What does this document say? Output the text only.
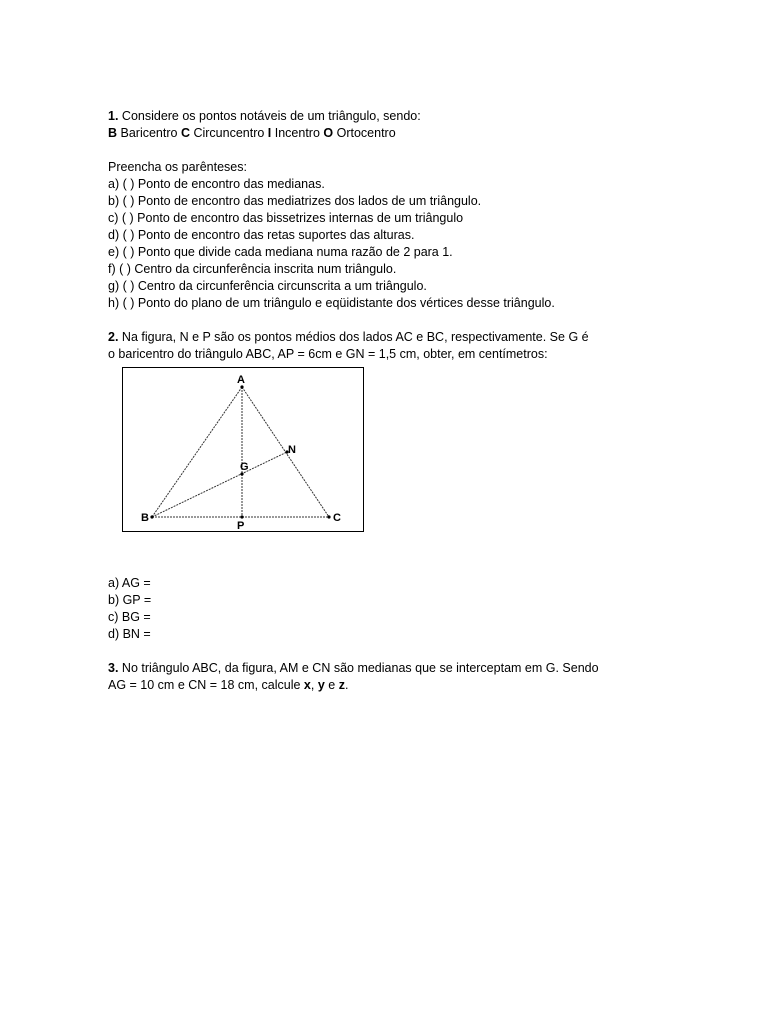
1. Considere os pontos notáveis de um triângulo, sendo:
B Baricentro C Circuncentro I Incentro O Ortocentro
Preencha os parênteses:
a) ( ) Ponto de encontro das medianas.
b) ( ) Ponto de encontro das mediatrizes dos lados de um triângulo.
c) ( ) Ponto de encontro das bissetrizes internas de um triângulo
d) ( ) Ponto de encontro das retas suportes das alturas.
e) ( ) Ponto que divide cada mediana numa razão de 2 para 1.
f) ( ) Centro da circunferência inscrita num triângulo.
g) ( ) Centro da circunferência circunscrita a um triângulo.
h) ( ) Ponto do plano de um triângulo e eqüidistante dos vértices desse triângulo.
2. Na figura, N e P são os pontos médios dos lados AC e BC, respectivamente. Se G é
o baricentro do triângulo ABC, AP = 6cm e GN = 1,5 cm, obter, em centímetros:
A
B	C
G
N
P
a) AG =
b) GP =
c) BG =
d) BN =
3. No triângulo ABC, da figura, AM e CN são medianas que se interceptam em G. Sendo
AG = 10 cm e CN = 18 cm, calcule x, y e z.
